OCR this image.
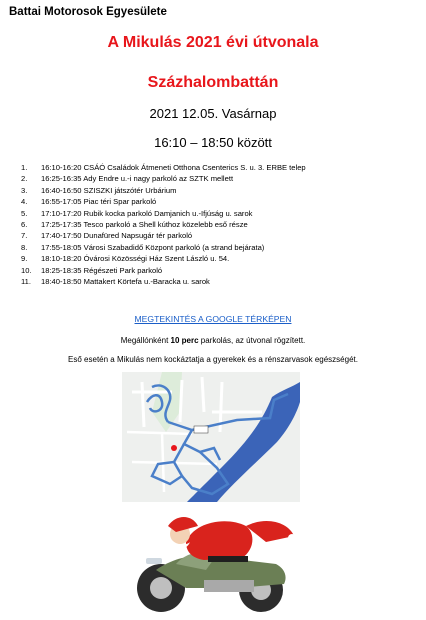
Battai Motorosok Egyesülete
A Mikulás 2021 évi útvonala
Százhalombattán
2021 12.05. Vasárnap
16:10 – 18:50 között
1.	16:10-16:20 CSÁÓ Családok Átmeneti Otthona Csenterics S. u. 3. ERBE telep
2.	16:25-16:35 Ady Endre u.-i nagy parkoló az SZTK mellett
3.	16:40-16:50 SZISZKI játszótér Urbárium
4.	16:55-17:05 Piac téri Spar parkoló
5.	17:10-17:20 Rubik kocka parkoló Damjanich u.-Ifjúság u. sarok
6.	17:25-17:35 Tesco parkoló a Shell kúthoz közelebb eső része
7.	17:40-17:50 Dunafüred Napsugár tér parkoló
8.	17:55-18:05 Városi Szabadidő Központ parkoló (a strand bejárata)
9.	18:10-18:20 Óvárosi Közösségi Ház Szent László u. 54.
10.	18:25-18:35 Régészeti Park parkoló
11.	18:40-18:50 Mattakert Körtefa u.-Baracka u. sarok
MEGTEKINTÉS A GOOGLE TÉRKÉPEN
Megállónként 10 perc parkolás, az útvonal rögzített.
Eső esetén a Mikulás nem kockáztatja a gyerekek és a rénszarvasok egészségét.
